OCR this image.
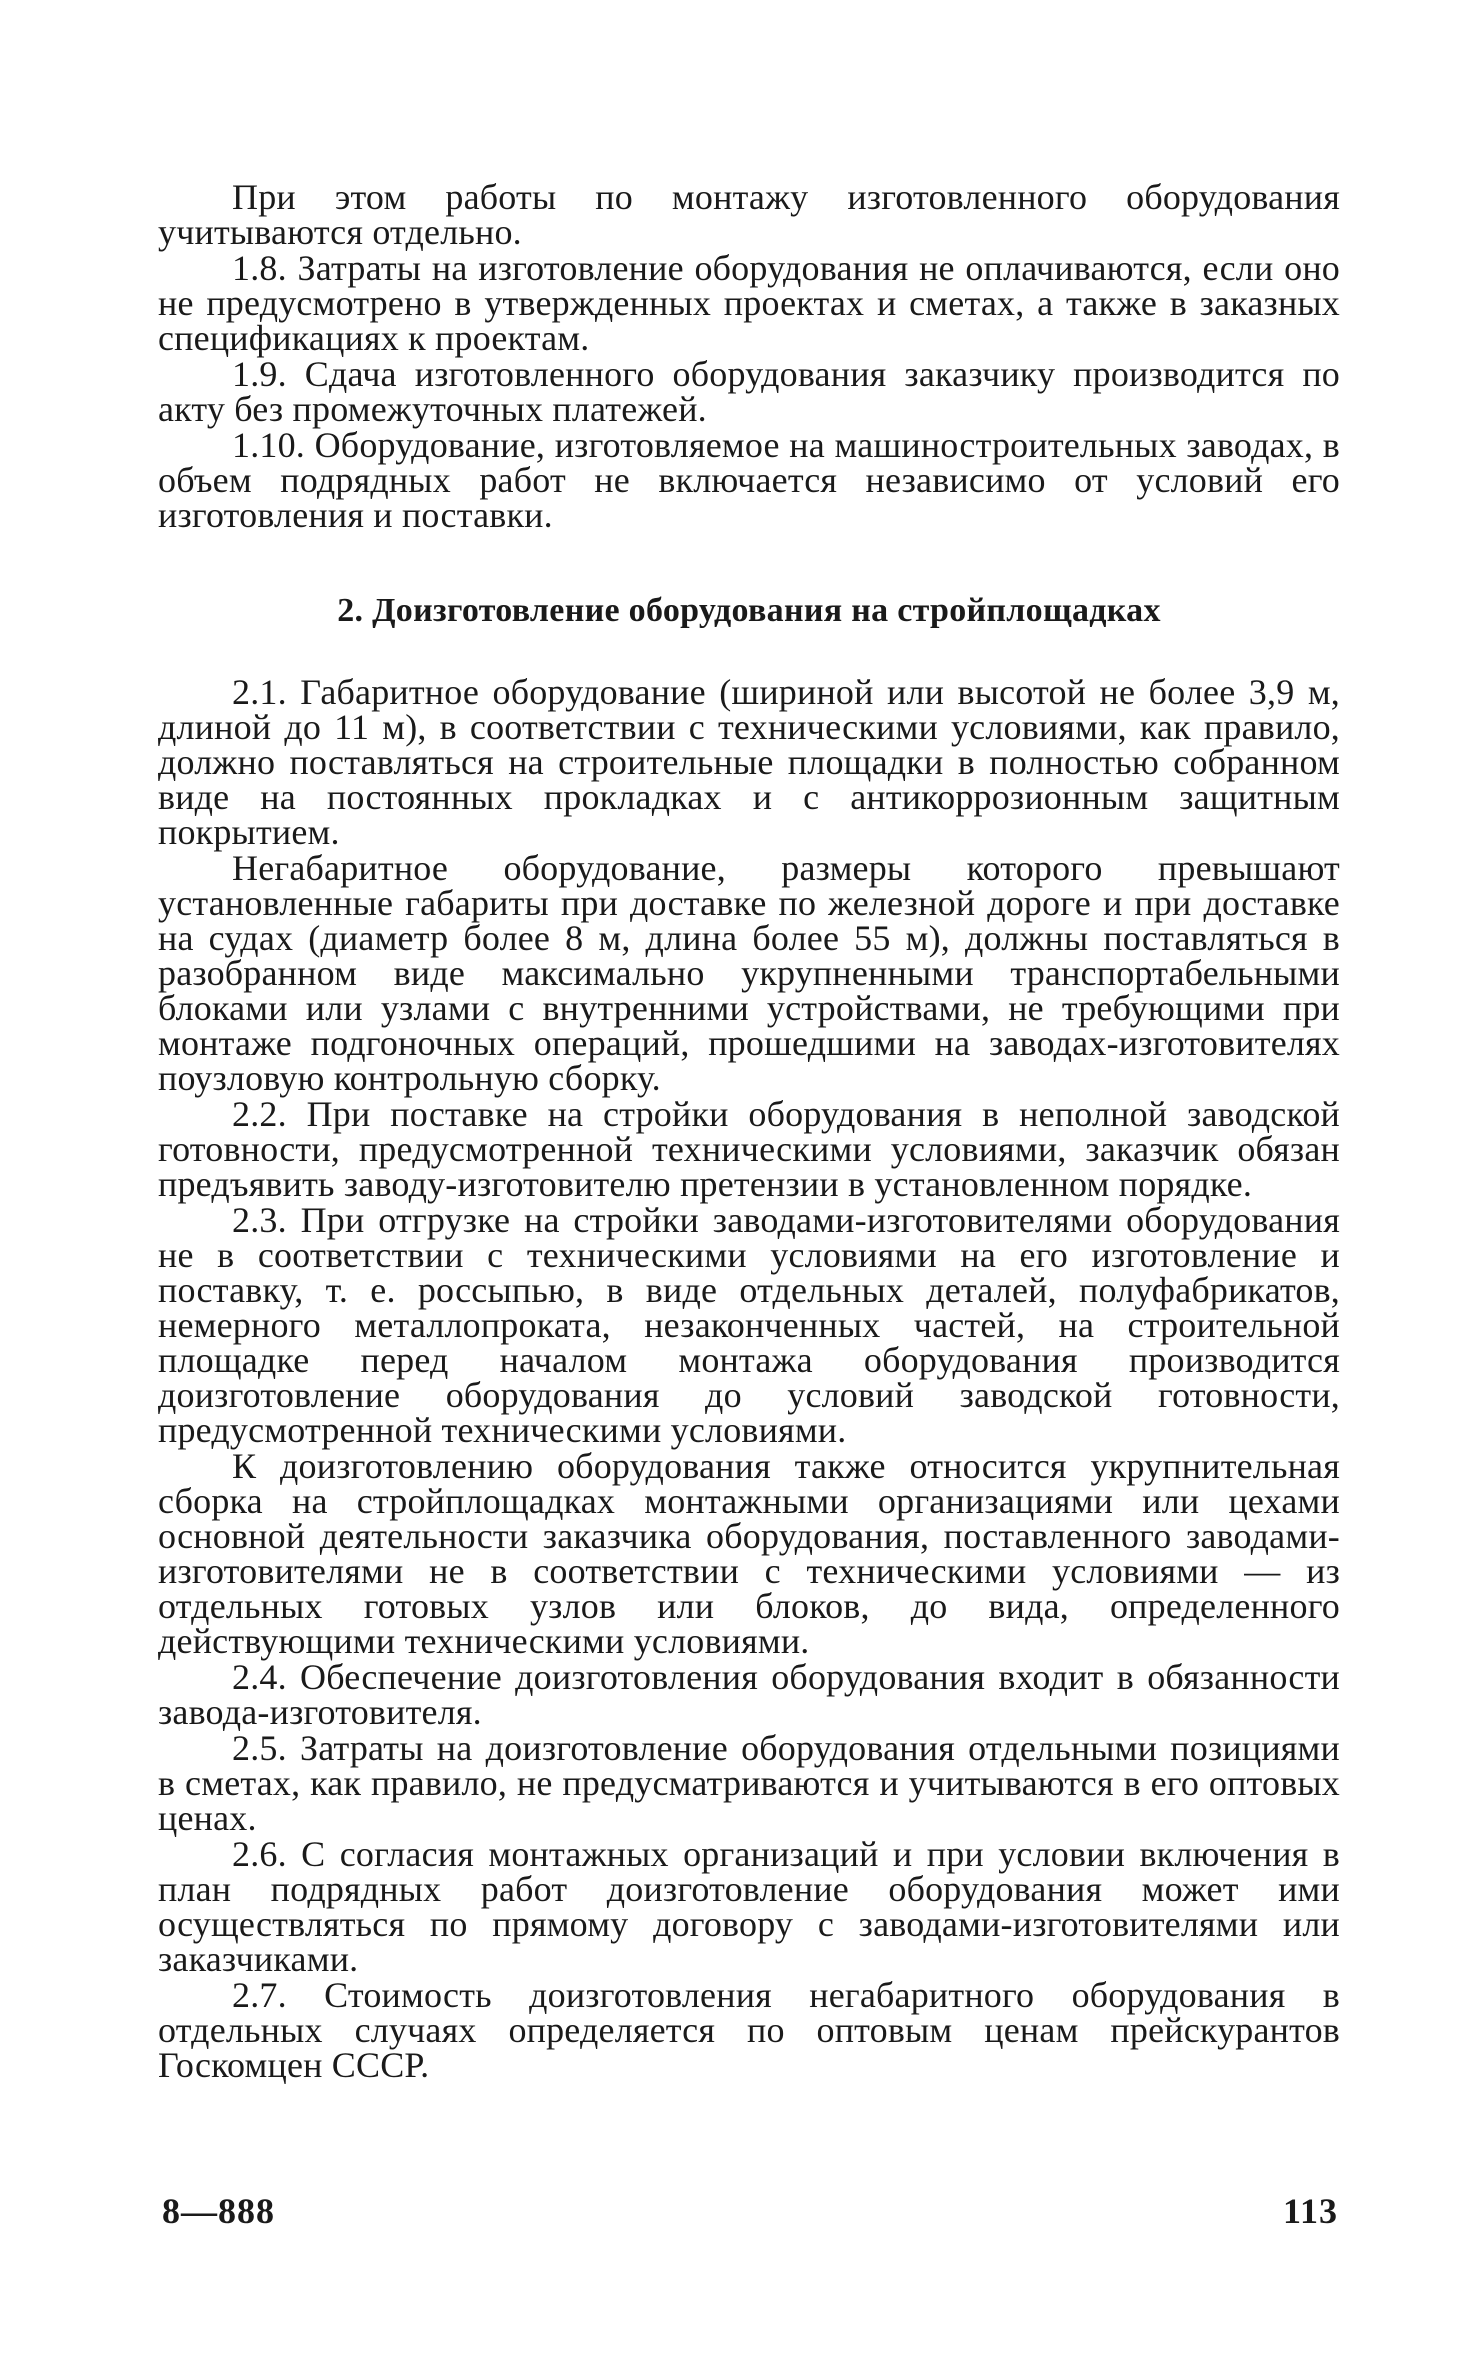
При этом работы по монтажу изготовленного оборудования учитываются отдельно.

1.8. Затраты на изготовление оборудования не оплачиваются, если оно не предусмотрено в утвержденных проектах и сметах, а также в заказных спецификациях к проектам.

1.9. Сдача изготовленного оборудования заказчику производится по акту без промежуточных платежей.

1.10. Оборудование, изготовляемое на машиностроительных заводах, в объем подрядных работ не включается независимо от условий его изготовления и поставки.

2. Доизготовление оборудования на стройплощадках

2.1. Габаритное оборудование (шириной или высотой не более 3,9 м, длиной до 11 м), в соответствии с техническими условиями, как правило, должно поставляться на строительные площадки в полностью собранном виде на постоянных прокладках и с антикоррозионным защитным покрытием.

Негабаритное оборудование, размеры которого превышают установленные габариты при доставке по железной дороге и при доставке на судах (диаметр более 8 м, длина более 55 м), должны поставляться в разобранном виде максимально укрупненными транспортабельными блоками или узлами с внутренними устройствами, не требующими при монтаже подгоночных операций, прошедшими на заводах-изготовителях поузловую контрольную сборку.

2.2. При поставке на стройки оборудования в неполной заводской готовности, предусмотренной техническими условиями, заказчик обязан предъявить заводу-изготовителю претензии в установленном порядке.

2.3. При отгрузке на стройки заводами-изготовителями оборудования не в соответствии с техническими условиями на его изготовление и поставку, т. е. россыпью, в виде отдельных деталей, полуфабрикатов, немерного металлопроката, незаконченных частей, на строительной площадке перед началом монтажа оборудования производится доизготовление оборудования до условий заводской готовности, предусмотренной техническими условиями.

К доизготовлению оборудования также относится укрупнительная сборка на стройплощадках монтажными организациями или цехами основной деятельности заказчика оборудования, поставленного заводами-изготовителями не в соответствии с техническими условиями — из отдельных готовых узлов или блоков, до вида, определенного действующими техническими условиями.

2.4. Обеспечение доизготовления оборудования входит в обязанности завода-изготовителя.

2.5. Затраты на доизготовление оборудования отдельными позициями в сметах, как правило, не предусматриваются и учитываются в его оптовых ценах.

2.6. С согласия монтажных организаций и при условии включения в план подрядных работ доизготовление оборудования может ими осуществляться по прямому договору с заводами-изготовителями или заказчиками.

2.7. Стоимость доизготовления негабаритного оборудования в отдельных случаях определяется по оптовым ценам прейскурантов Госкомцен СССР.

8—888	113
